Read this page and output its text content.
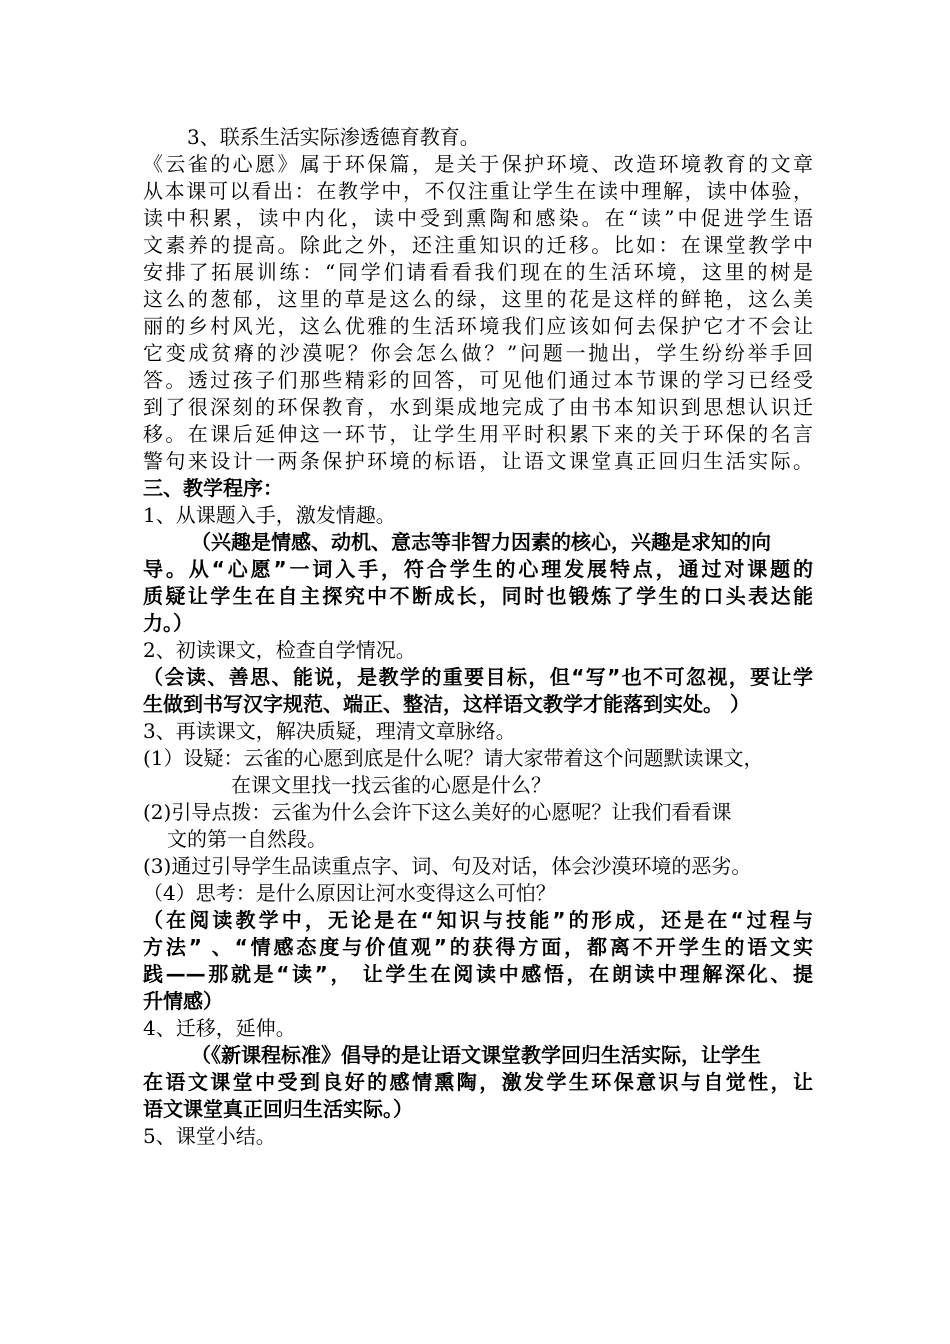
3、联系生活实际渗透德育教育。
《云雀的心愿》属于环保篇，是关于保护环境、改造环境教育的文章
从本课可以看出：在教学中，不仅注重让学生在读中理解，读中体验，
读中积累，读中内化，读中受到熏陶和感染。在“读”中促进学生语
文素养的提高。除此之外，还注重知识的迁移。比如：在课堂教学中
安排了拓展训练：“同学们请看看我们现在的生活环境，这里的树是
这么的葱郁，这里的草是这么的绿，这里的花是这样的鲜艳，这么美
丽的乡村风光，这么优雅的生活环境我们应该如何去保护它才不会让
它变成贫瘠的沙漠呢？你会怎么做？”问题一抛出，学生纷纷举手回
答。透过孩子们那些精彩的回答，可见他们通过本节课的学习已经受
到了很深刻的环保教育，水到渠成地完成了由书本知识到思想认识迁
移。在课后延伸这一环节，让学生用平时积累下来的关于环保的名言
警句来设计一两条保护环境的标语，让语文课堂真正回归生活实际。
三、教学程序：
1、从课题入手，激发情趣。
（兴趣是情感、动机、意志等非智力因素的核心，兴趣是求知的向
导。从“心愿”一词入手，符合学生的心理发展特点，通过对课题的
质疑让学生在自主探究中不断成长，同时也锻炼了学生的口头表达能
力。）
2、初读课文，检查自学情况。
（会读、善思、能说，是教学的重要目标，但“写”也不可忽视，要让学
生做到书写汉字规范、端正、整洁，这样语文教学才能落到实处。 ）
3、再读课文，解决质疑，理清文章脉络。
(1）设疑：云雀的心愿到底是什么呢？请大家带着这个问题默读课文，
在课文里找一找云雀的心愿是什么？
(2)引导点拨：云雀为什么会许下这么美好的心愿呢？让我们看看课
文的第一自然段。
(3)通过引导学生品读重点字、词、句及对话，体会沙漠环境的恶劣。
（4）思考：是什么原因让河水变得这么可怕？
（在阅读教学中，无论是在“知识与技能”的形成，还是在“过程与
方法” 、“情感态度与价值观”的获得方面，都离不开学生的语文实
践——那就是“读”， 让学生在阅读中感悟，在朗读中理解深化、提
升情感）
4、迁移，延伸。
（《新课程标准》倡导的是让语文课堂教学回归生活实际，让学生
在语文课堂中受到良好的感情熏陶，激发学生环保意识与自觉性，让
语文课堂真正回归生活实际。）
5、课堂小结。
